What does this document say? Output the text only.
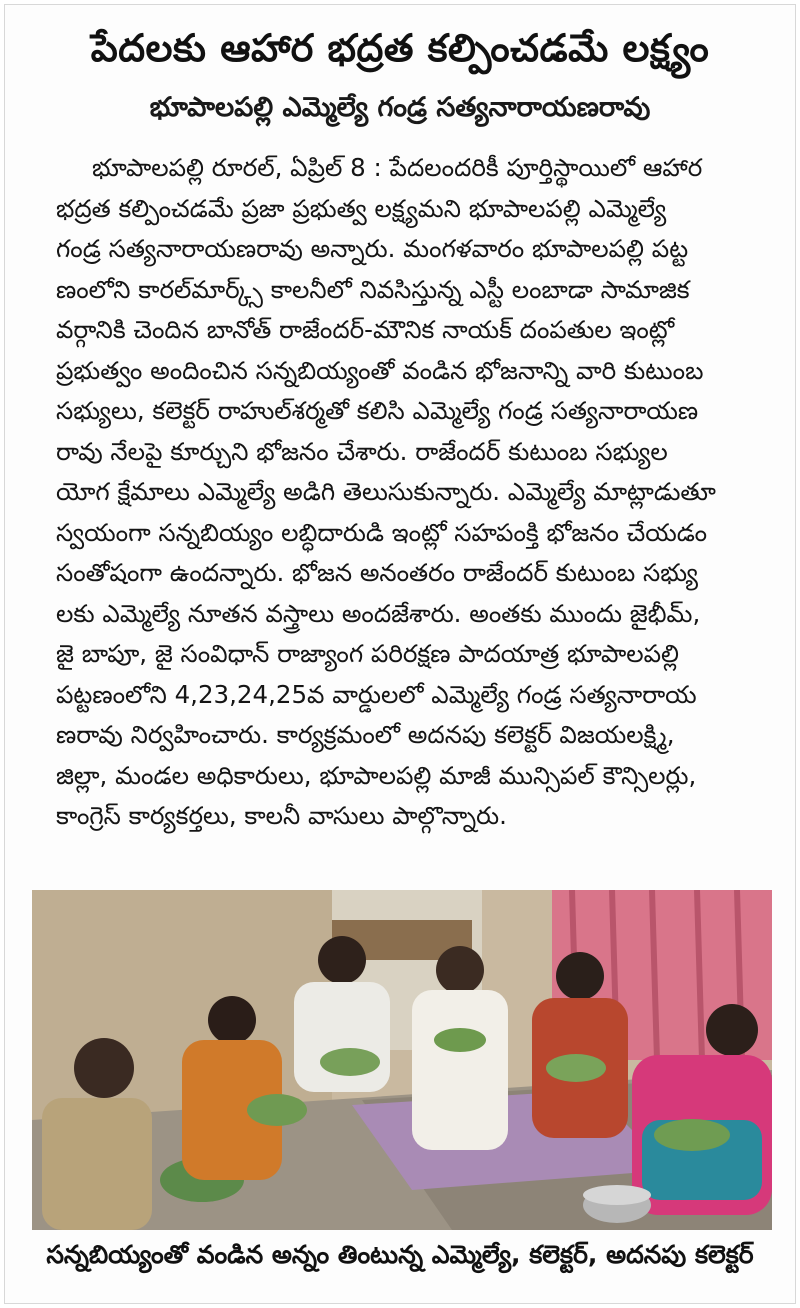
పేదలకు ఆహార భద్రత కల్పించడమే లక్ష్యం
భూపాలపల్లి ఎమ్మెల్యే గండ్ర సత్యనారాయణరావు
భూపాలపల్లి రూరల్, ఏప్రిల్ 8 : పేదలందరికీ పూర్తిస్థాయిలో ఆహార
భద్రత కల్పించడమే ప్రజా ప్రభుత్వ లక్ష్యమని భూపాలపల్లి ఎమ్మెల్యే
గండ్ర సత్యనారాయణరావు అన్నారు. మంగళవారం భూపాలపల్లి పట్ట
ణంలోని కారల్‌మార్క్స్ కాలనీలో నివసిస్తున్న ఎస్టీ లంబాడా సామాజిక
వర్గానికి చెందిన బానోత్ రాజేందర్-మౌనిక నాయక్ దంపతుల ఇంట్లో
ప్రభుత్వం అందించిన సన్నబియ్యంతో వండిన భోజనాన్ని వారి కుటుంబ
సభ్యులు, కలెక్టర్ రాహుల్‌శర్మతో కలిసి ఎమ్మెల్యే గండ్ర సత్యనారాయణ
రావు నేలపై కూర్చుని భోజనం చేశారు. రాజేందర్ కుటుంబ సభ్యుల
యోగ క్షేమాలు ఎమ్మెల్యే అడిగి తెలుసుకున్నారు. ఎమ్మెల్యే మాట్లాడుతూ
స్వయంగా సన్నబియ్యం లబ్ధిదారుడి ఇంట్లో సహపంక్తి భోజనం చేయడం
సంతోషంగా ఉందన్నారు. భోజన అనంతరం రాజేందర్ కుటుంబ సభ్యు
లకు ఎమ్మెల్యే నూతన వస్త్రాలు అందజేశారు. అంతకు ముందు జైభీమ్,
జై బాపూ, జై సంవిధాన్ రాజ్యాంగ పరిరక్షణ పాదయాత్ర భూపాలపల్లి
పట్టణంలోని 4,23,24,25వ వార్డులలో ఎమ్మెల్యే గండ్ర సత్యనారాయ
ణరావు నిర్వహించారు. కార్యక్రమంలో అదనపు కలెక్టర్ విజయలక్ష్మి,
జిల్లా, మండల అధికారులు, భూపాలపల్లి మాజీ మున్సిపల్ కౌన్సిలర్లు,
కాంగ్రెస్ కార్యకర్తలు, కాలనీ వాసులు పాల్గొన్నారు.
సన్నబియ్యంతో వండిన అన్నం తింటున్న ఎమ్మెల్యే, కలెక్టర్, అదనపు కలెక్టర్
